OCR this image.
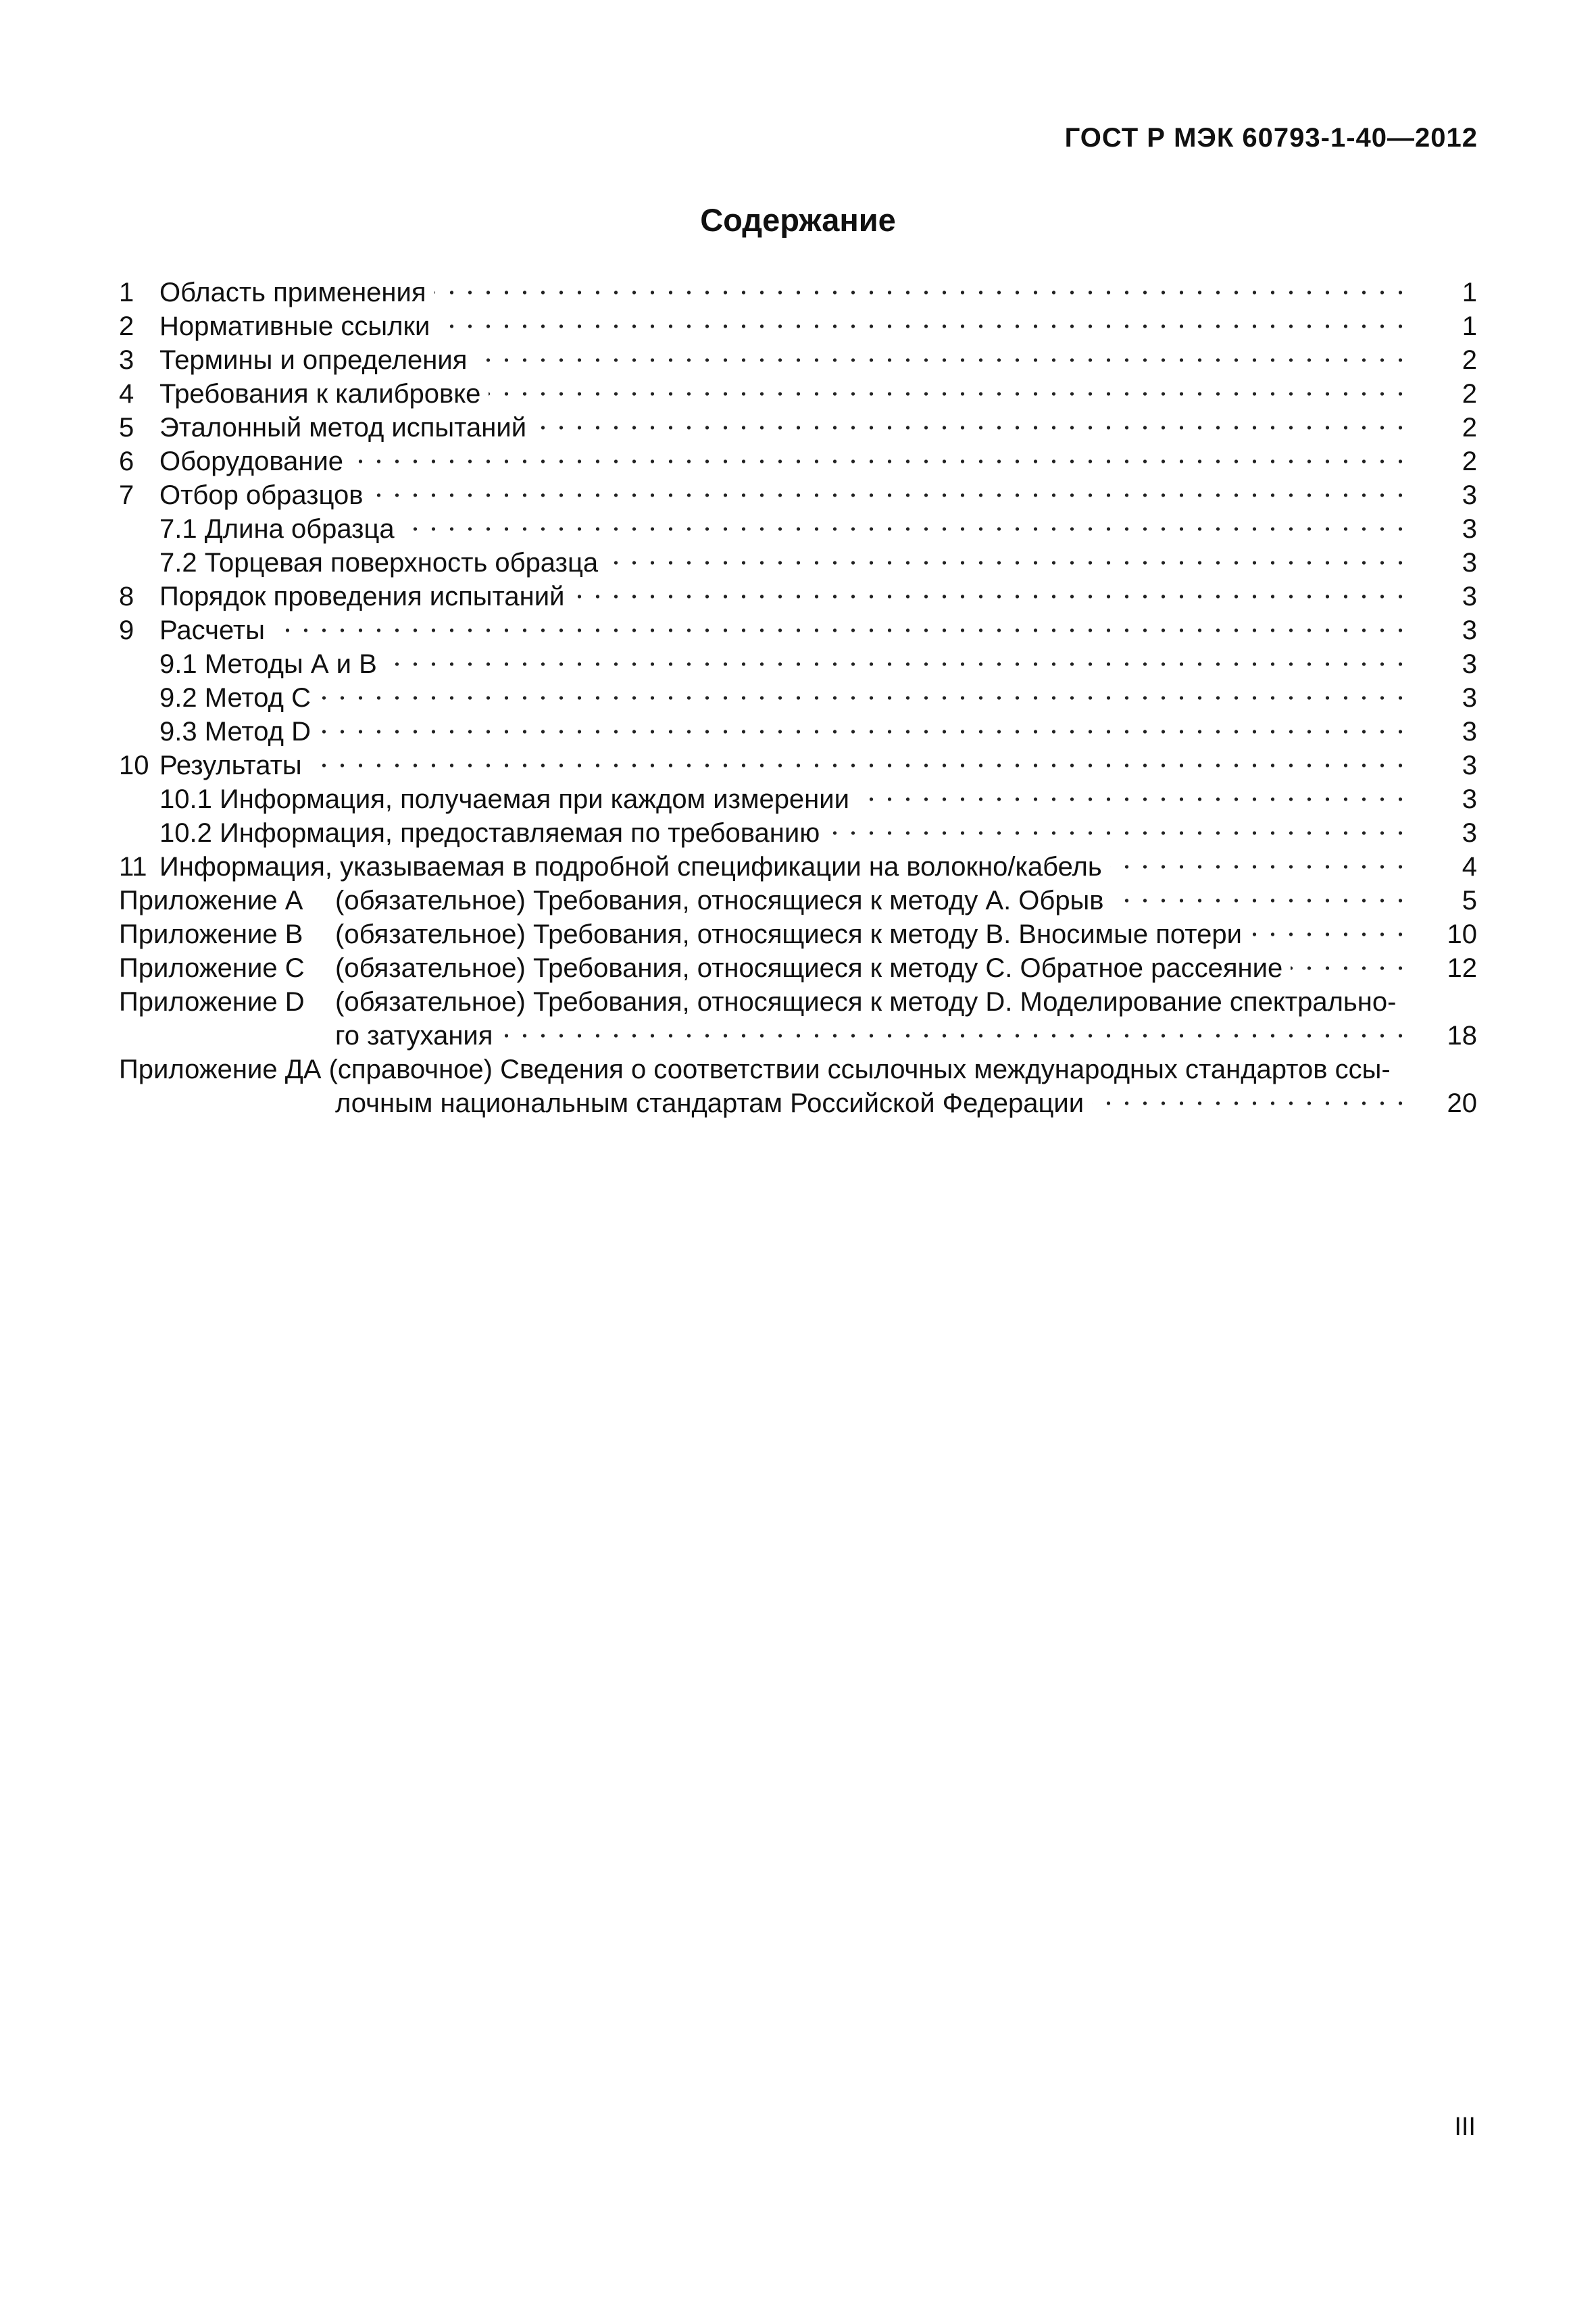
ГОСТ Р МЭК 60793-1-40—2012
Содержание
1 Область применения	1
2 Нормативные ссылки	1
3 Термины и определения	2
4 Требования к калибровке	2
5 Эталонный метод испытаний	2
6 Оборудование	2
7 Отбор образцов	3
7.1 Длина образца	3
7.2 Торцевая поверхность образца	3
8 Порядок проведения испытаний	3
9 Расчеты	3
9.1 Методы А и В	3
9.2 Метод С	3
9.3 Метод D	3
10 Результаты	3
10.1 Информация, получаемая при каждом измерении	3
10.2 Информация, предоставляемая по требованию	3
11 Информация, указываемая в подробной спецификации на волокно/кабель	4
Приложение А (обязательное) Требования, относящиеся к методу А. Обрыв	5
Приложение В (обязательное) Требования, относящиеся к методу В. Вносимые потери	10
Приложение С (обязательное) Требования, относящиеся к методу С. Обратное рассеяние	12
Приложение D (обязательное) Требования, относящиеся к методу D. Моделирование спектрально-
го затухания	18
Приложение ДА (справочное) Сведения о соответствии ссылочных международных стандартов ссы-
лочным национальным стандартам Российской Федерации	20
III
